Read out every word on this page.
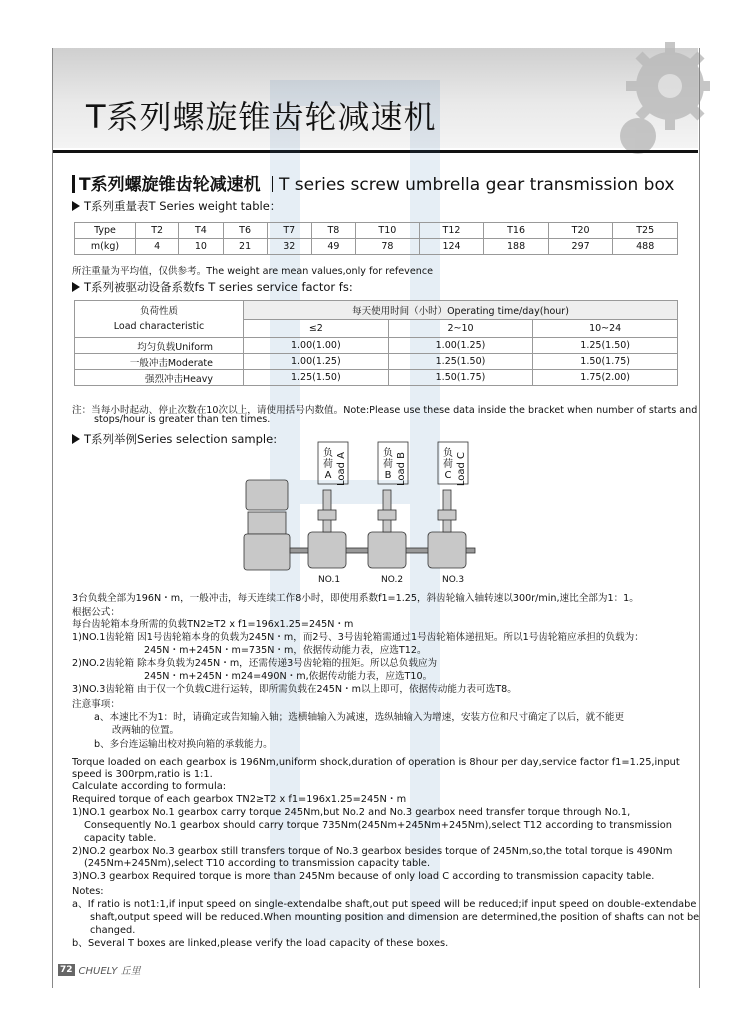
T系列螺旋锥齿轮减速机
T系列螺旋锥齿轮减速机 T series screw umbrella gear transmission box
T系列重量表T Series weight table：
Type	T2	T4	T6	T7	T8	T10	T12	T16	T20	T25
m(kg)	4	10	21	32	49	78	124	188	297	488
所注重量为平均值，仅供参考。The weight are mean values,only for refevence
T系列被驱动设备系数fs T series service factor fs:
负荷性质
Load characteristic	每天使用时间（小时）Operating time/day(hour)		
	≤2	2~10	10~24
均匀负载Uniform	1.00(1.00)	1.00(1.25)	1.25(1.50)
一般冲击Moderate	1.00(1.25)	1.25(1.50)	1.50(1.75)
强烈冲击Heavy	1.25(1.50)	1.50(1.75)	1.75(2.00)
注：当每小时起动、停止次数在10次以上，请使用括号内数值。Note:Please use these data inside the bracket when number of starts and
stops/hour is greater than ten times.
T系列举例Series selection sample:
负荷
A Load A	负荷
B Load B	负荷
C Load C
NO.1	NO.2	NO.3
3台负载全部为196N・m，一般冲击，每天连续工作8小时，即使用系数f1=1.25，斜齿轮输入轴转速以300r/min,速比全部为1：1。
根据公式：
每台齿轮箱本身所需的负载TN2≥T2 x f1=196x1.25=245N・m
1)NO.1齿轮箱 因1号齿轮箱本身的负载为245N・m，而2号、3号齿轮箱需通过1号齿轮箱体递扭矩。所以1号齿轮箱应承担的负载为：
245N・m+245N・m=735N・m，依据传动能力表，应选T12。
2)NO.2齿轮箱 除本身负载为245N・m，还需传递3号齿轮箱的扭矩。所以总负载应为
245N・m+245N・m24=490N・m,依据传动能力表，应选T10。
3)NO.3齿轮箱 由于仅一个负载C进行运转，即所需负载在245N・m以上即可，依据传动能力表可选T8。
注意事项：
a、本速比不为1：时，请确定或告知输入轴；选横轴输入为减速，选纵轴输入为增速，安装方位和尺寸确定了以后，就不能更
改两轴的位置。
b、多台连运输出校对换向箱的承载能力。
Torque loaded on each gearbox is 196Nm,uniform shock,duration of operation is 8hour per day,service factor f1=1.25,input
speed is 300rpm,ratio is 1:1.
Calculate according to formula:
Required torque of each gearbox TN2≥T2 x f1=196x1.25=245N・m
1)NO.1 gearbox No.1 gearbox carry torque 245Nm,but No.2 and No.3 gearbox need transfer torque through No.1,
Consequently No.1 gearbox should carry torque 735Nm(245Nm+245Nm+245Nm),select T12 according to transmission
capacity table.
2)NO.2 gearbox No.3 gearbox still transfers torque of No.3 gearbox besides torque of 245Nm,so,the total torque is 490Nm
(245Nm+245Nm),select T10 according to transmission capacity table.
3)NO.3 gearbox Required torque is more than 245Nm because of only load C according to transmission capacity table.
Notes:
a、If ratio is not1:1,if input speed on single-extendalbe shaft,out put speed will be reduced;if input speed on double-extendabe
shaft,output speed will be reduced.When mounting position and dimension are determined,the position of shafts can not be
changed.
b、Several T boxes are linked,please verify the load capacity of these boxes.
72 CHUELY 丘里
